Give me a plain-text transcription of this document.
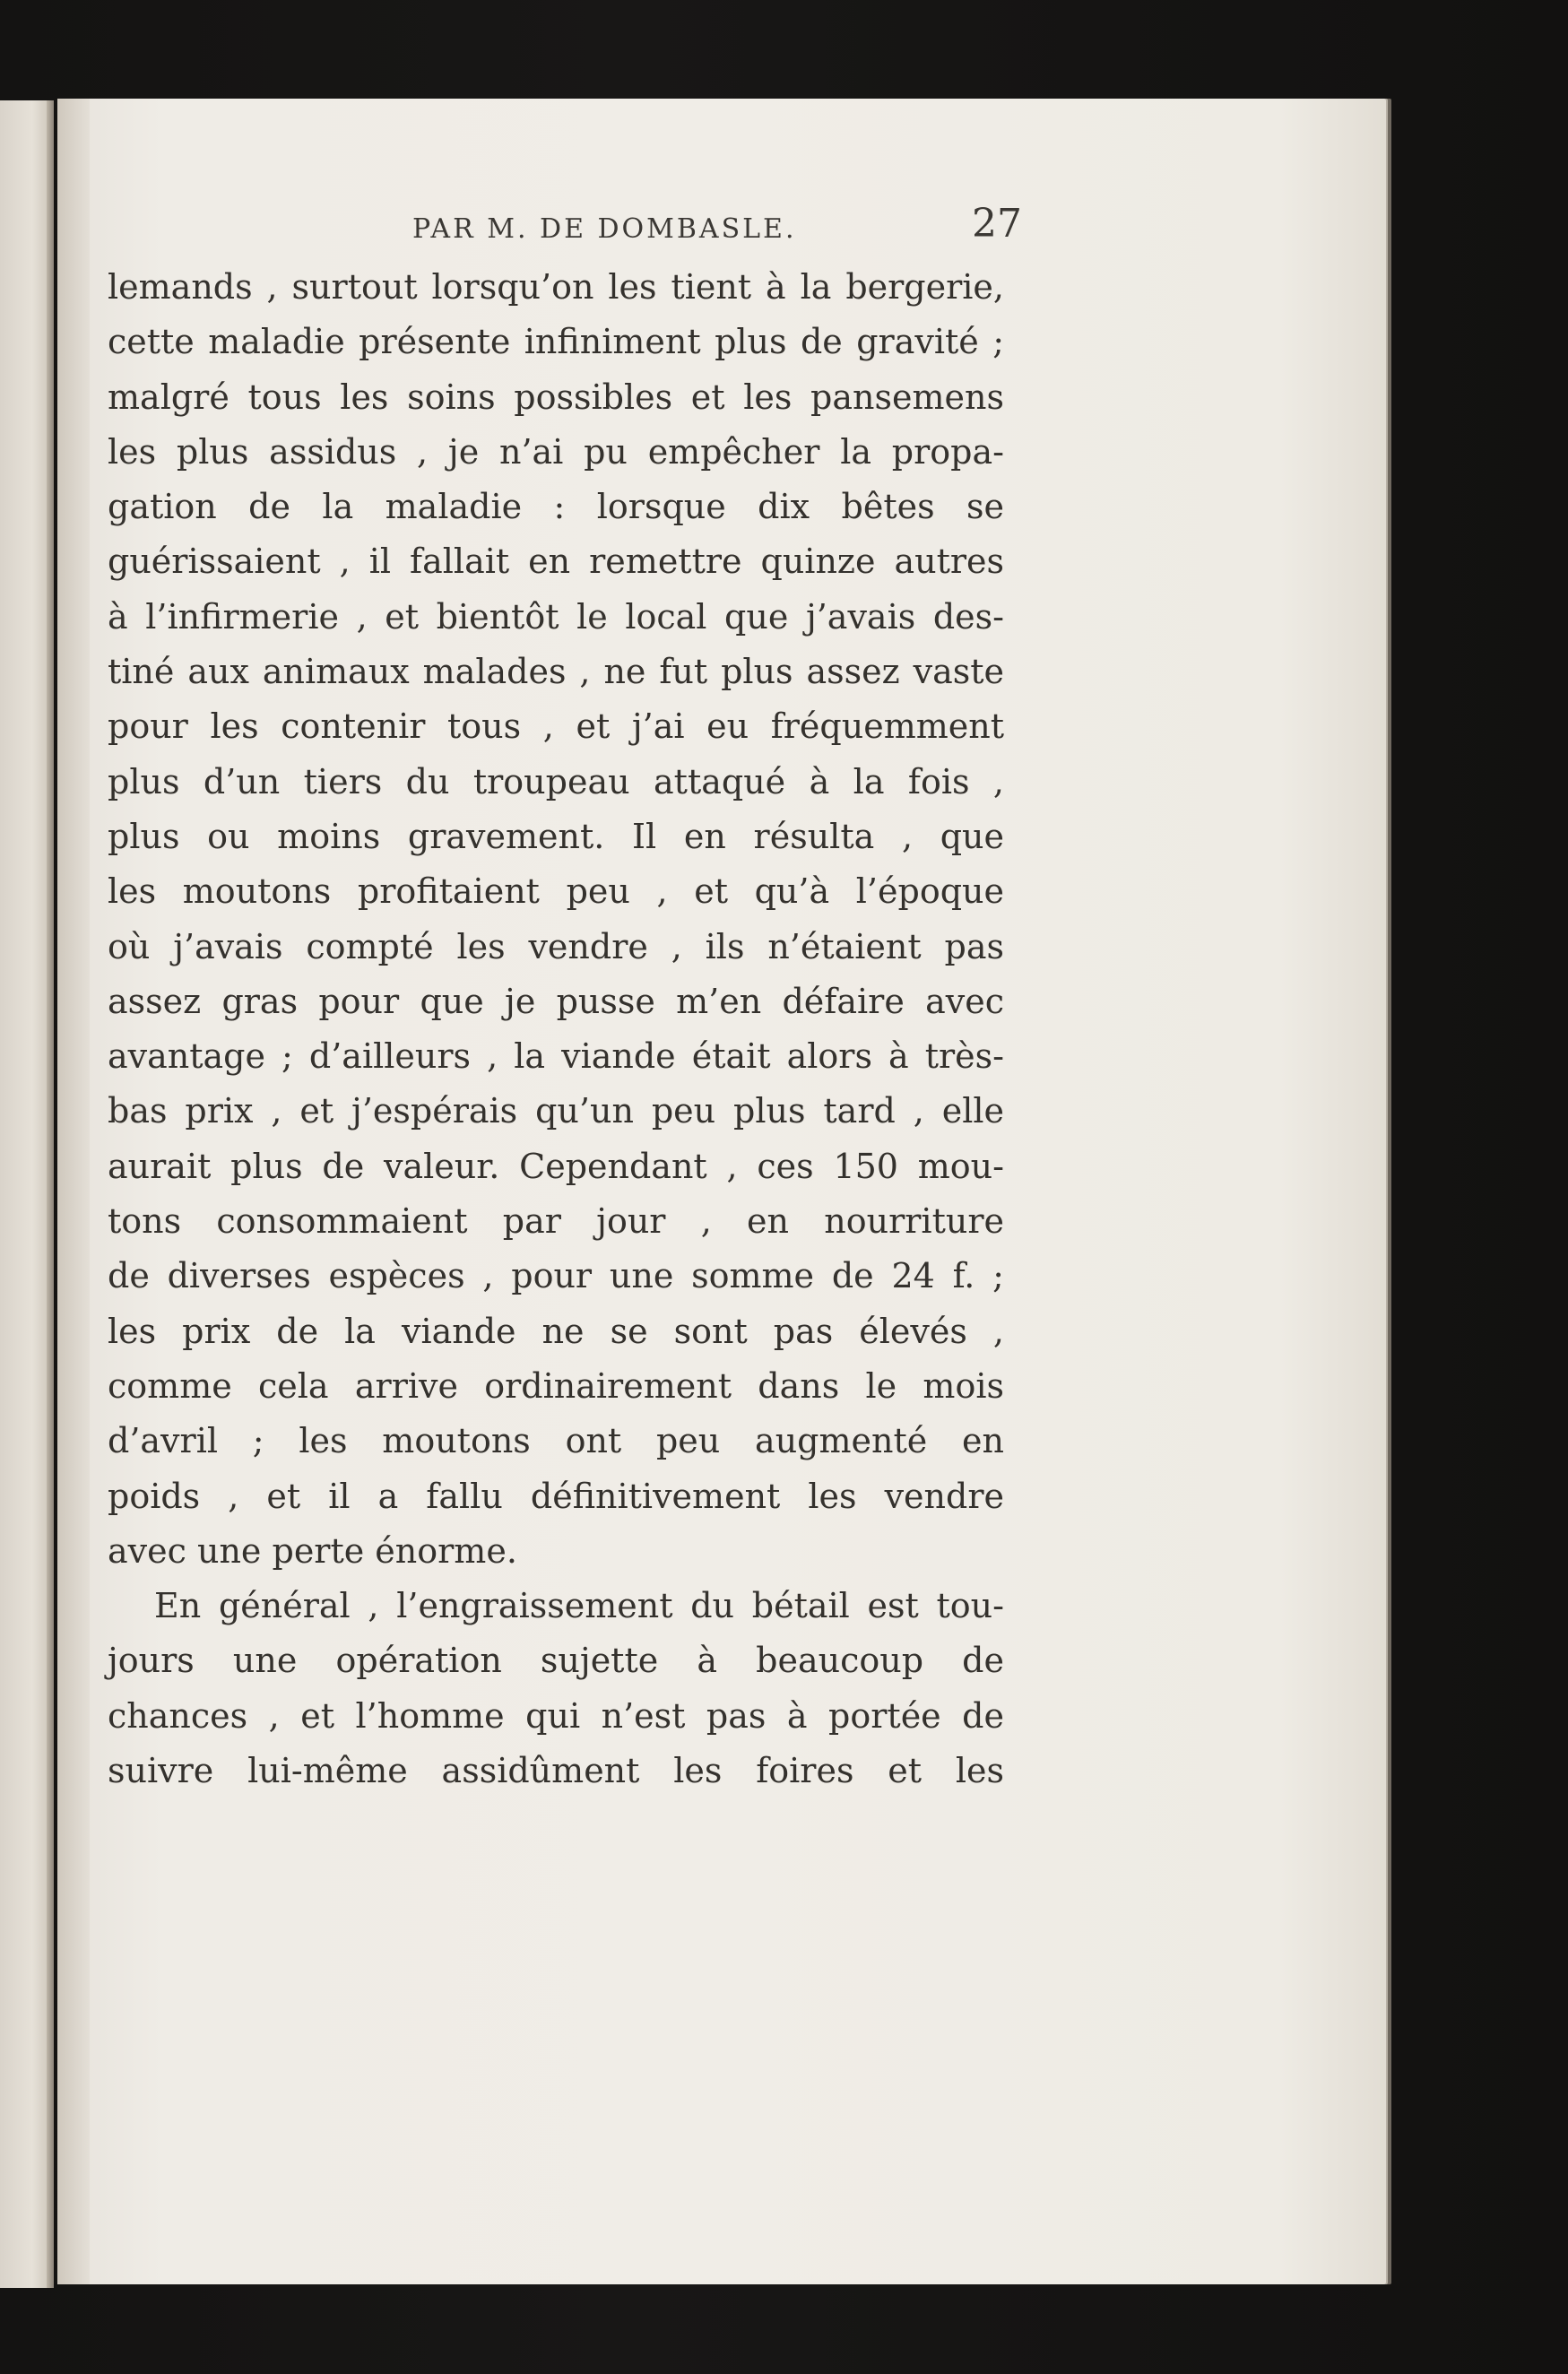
PAR M. DE DOMBASLE.	27
lemands , surtout lorsqu’on les tient à la bergerie,
cette maladie présente infiniment plus de gravité ;
malgré tous les soins possibles et les pansemens
les plus assidus , je n’ai pu empêcher la propa-
gation de la maladie : lorsque dix bêtes se
guérissaient , il fallait en remettre quinze autres
à l’infirmerie , et bientôt le local que j’avais des-
tiné aux animaux malades , ne fut plus assez vaste
pour les contenir tous , et j’ai eu fréquemment
plus d’un tiers du troupeau attaqué à la fois ,
plus ou moins gravement. Il en résulta , que
les moutons profitaient peu , et qu’à l’époque
où j’avais compté les vendre , ils n’étaient pas
assez gras pour que je pusse m’en défaire avec
avantage ; d’ailleurs , la viande était alors à très-
bas prix , et j’espérais qu’un peu plus tard , elle
aurait plus de valeur. Cependant , ces 150 mou-
tons consommaient par jour , en nourriture
de diverses espèces , pour une somme de 24 f. ;
les prix de la viande ne se sont pas élevés ,
comme cela arrive ordinairement dans le mois
d’avril ; les moutons ont peu augmenté en
poids , et il a fallu définitivement les vendre
avec une perte énorme.
En général , l’engraissement du bétail est tou-
jours une opération sujette à beaucoup de
chances , et l’homme qui n’est pas à portée de
suivre lui-même assidûment les foires et les
